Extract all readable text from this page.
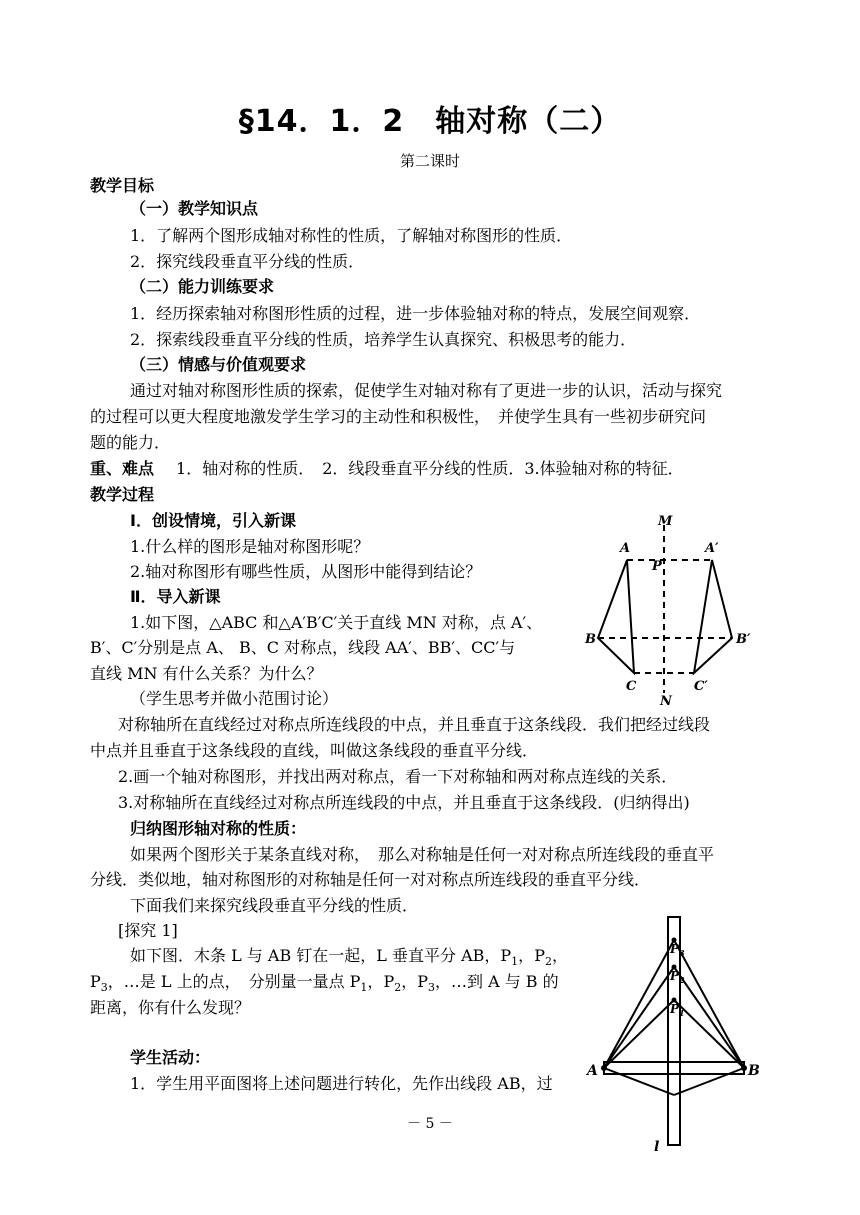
§14．1．2　轴对称（二）
第二课时
教学目标
（一）教学知识点
1．了解两个图形成轴对称性的性质，了解轴对称图形的性质．
2．探究线段垂直平分线的性质．
（二）能力训练要求
1．经历探索轴对称图形性质的过程，进一步体验轴对称的特点，发展空间观察．
2．探索线段垂直平分线的性质，培养学生认真探究、积极思考的能力．
（三）情感与价值观要求
通过对轴对称图形性质的探索，促使学生对轴对称有了更进一步的认识，活动与探究
的过程可以更大程度地激发学生学习的主动性和积极性，　并使学生具有一些初步研究问
题的能力．
重、难点 1．轴对称的性质．　2．线段垂直平分线的性质．3.体验轴对称的特征．
教学过程
Ⅰ．创设情境，引入新课
1.什么样的图形是轴对称图形呢？
2.轴对称图形有哪些性质，从图形中能得到结论？
Ⅱ．导入新课
1.如下图，△ABC 和△A′B′C′关于直线 MN 对称，点 A′、
B′、C′分别是点 A、 B、C 对称点，线段 AA′、BB′、CC′与
直线 MN 有什么关系？为什么？
（学生思考并做小范围讨论）
对称轴所在直线经过对称点所连线段的中点，并且垂直于这条线段．我们把经过线段
中点并且垂直于这条线段的直线，叫做这条线段的垂直平分线．
2.画一个轴对称图形，并找出两对称点，看一下对称轴和两对称点连线的关系．
3.对称轴所在直线经过对称点所连线段的中点，并且垂直于这条线段．(归纳得出)
归纳图形轴对称的性质：
如果两个图形关于某条直线对称，　那么对称轴是任何一对对称点所连线段的垂直平
分线．类似地，轴对称图形的对称轴是任何一对对称点所连线段的垂直平分线．
下面我们来探究线段垂直平分线的性质．
[探究 1]
如下图．木条 L 与 AB 钉在一起，L 垂直平分 AB，$P_1$，$P_2$，
$P_3$，…是 L 上的点，　分别量一量点 $P_1$，$P_2$，$P_3$，…到 A 与 B 的
距离，你有什么发现？
学生活动：
1．学生用平面图将上述问题进行转化，先作出线段 AB，过
M
N
P
A	A′
B	B′
C	C′
A	B
l
$P_3$
$P_2$
$P_1$
－ 5 －
